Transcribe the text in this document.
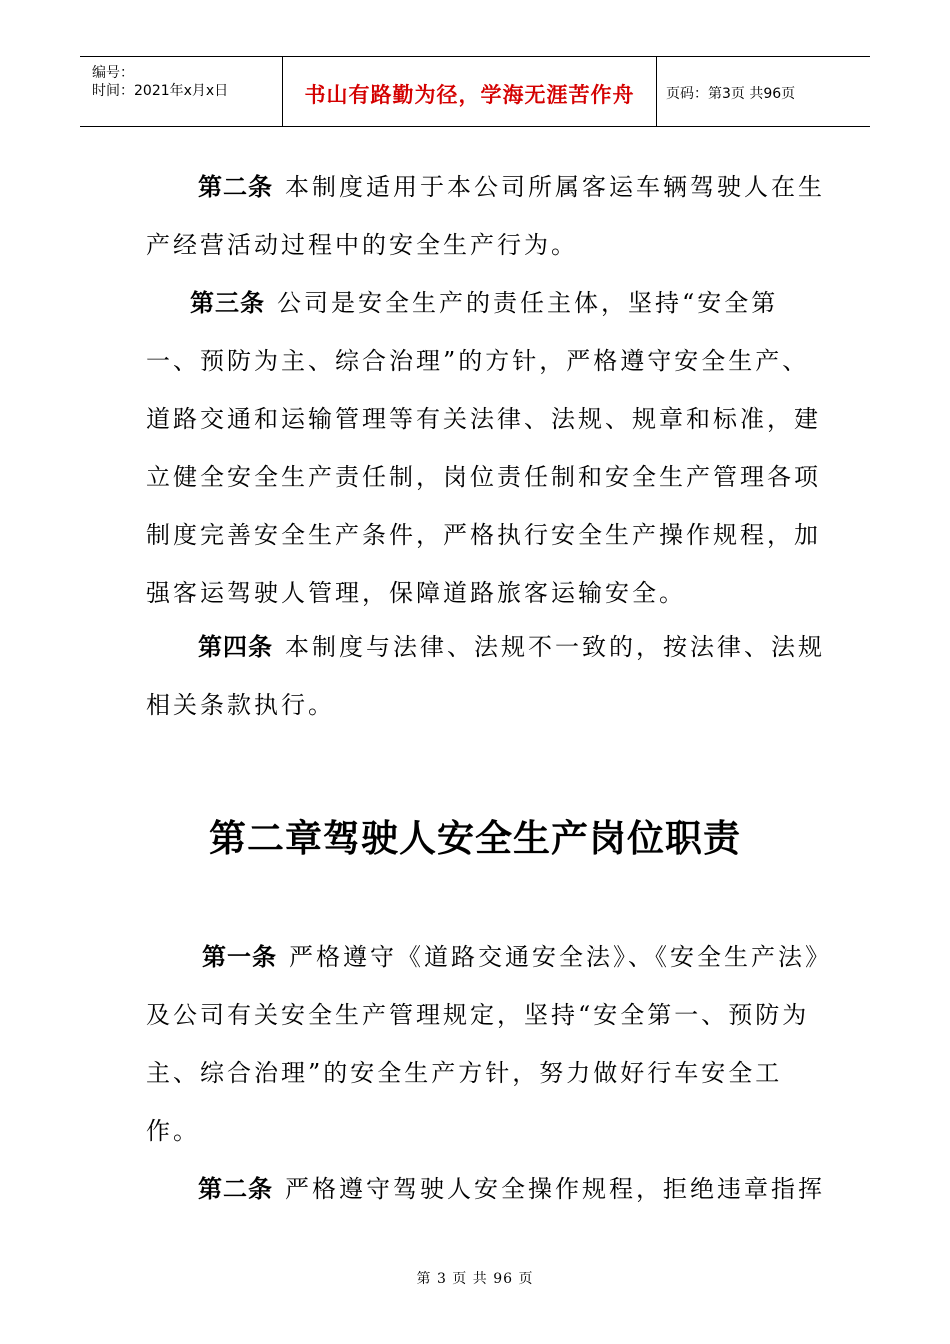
编号：
时间：2021年x月x日	书山有路勤为径，学海无涯苦作舟	页码：第3页 共96页

第二条 本制度适用于本公司所属客运车辆驾驶人在生产经营活动过程中的安全生产行为。

第三条 公司是安全生产的责任主体，坚持“安全第一、预防为主、综合治理”的方针，严格遵守安全生产、道路交通和运输管理等有关法律、法规、规章和标准，建立健全安全生产责任制，岗位责任制和安全生产管理各项制度完善安全生产条件，严格执行安全生产操作规程，加强客运驾驶人管理，保障道路旅客运输安全。

第四条 本制度与法律、法规不一致的，按法律、法规相关条款执行。

第二章驾驶人安全生产岗位职责

第一条 严格遵守《道路交通安全法》、《安全生产法》及公司有关安全生产管理规定，坚持“安全第一、预防为主、综合治理”的安全生产方针，努力做好行车安全工作。

第二条 严格遵守驾驶人安全操作规程，拒绝违章指挥

第 3 页 共 96 页
